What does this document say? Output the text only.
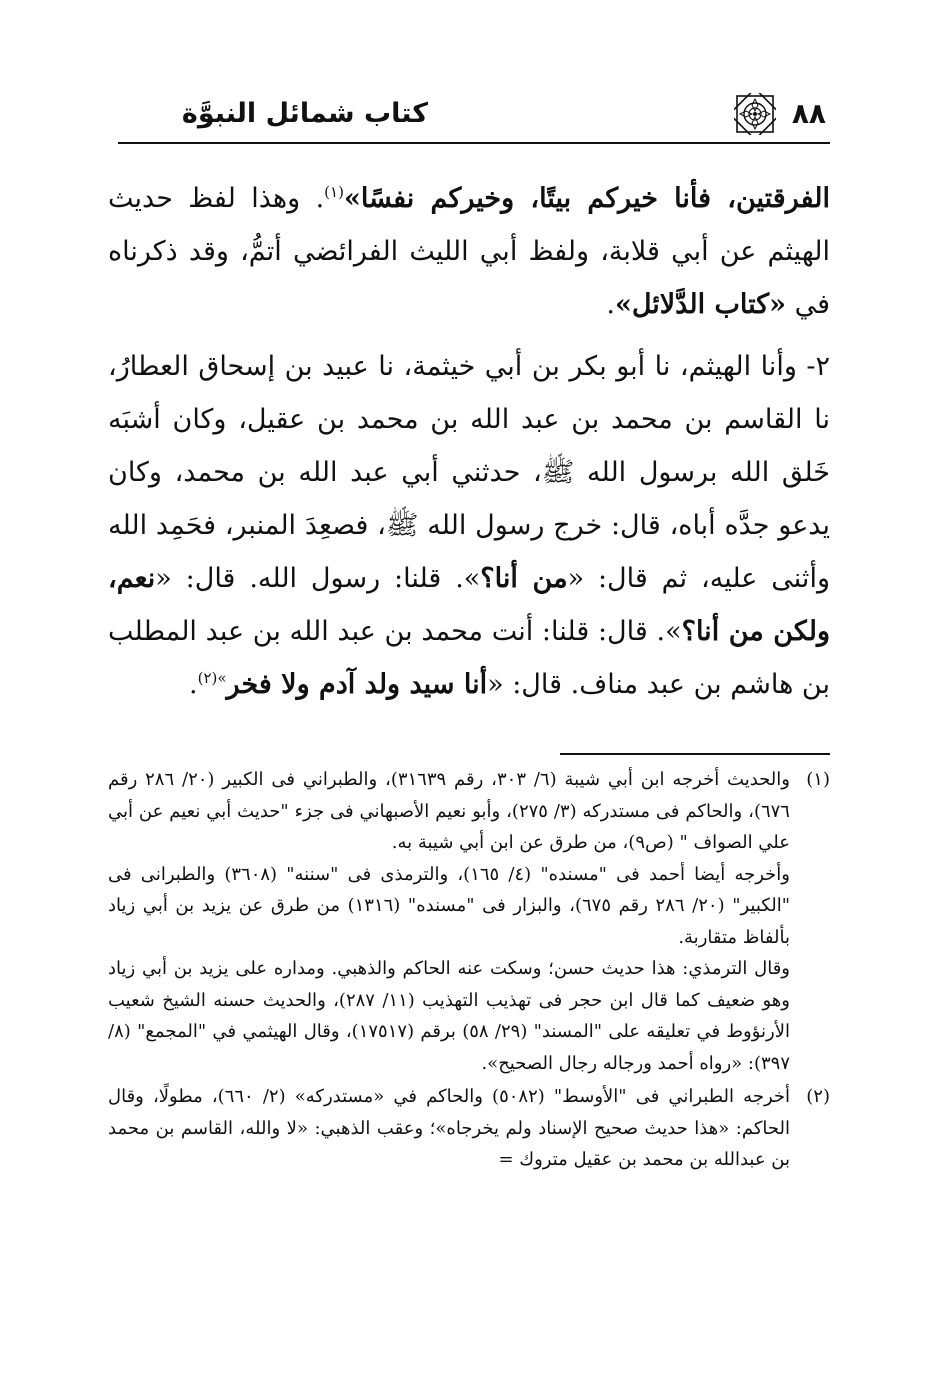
كتاب شمائل النبوَّة	٨٨

الفرقتين، فأنا خيركم بيتًا، وخيركم نفسًا»$^{(١)}$. وهذا لفظ حديث الهيثم عن أبي قلابة، ولفظ أبي الليث الفرائضي أتمُّ، وقد ذكرناه في «كتاب الدَّلائل».

٢- وأنا الهيثم، نا أبو بكر بن أبي خيثمة، نا عبيد بن إسحاق العطارُ، نا القاسم بن محمد بن عبد الله بن محمد بن عقيل، وكان أشبَه خَلق الله برسول الله ﷺ، حدثني أبي عبد الله بن محمد، وكان يدعو جدَّه أباه، قال: خرج رسول الله ﷺ، فصعِدَ المنبر، فحَمِد الله وأثنى عليه، ثم قال: «من أنا؟». قلنا: رسول الله. قال: «نعم، ولكن من أنا؟». قال: قلنا: أنت محمد بن عبد الله بن عبد المطلب بن هاشم بن عبد مناف. قال: «أنا سيد ولد آدم ولا فخر$^{»(٢)}$.

(١)

والحديث أخرجه ابن أبي شيبة (٦/ ٣٠٣، رقم ٣١٦٣٩)، والطبراني فى الكبير (٢٠/ ٢٨٦ رقم ٦٧٦)، والحاكم فى مستدركه (٣/ ٢٧٥)، وأبو نعيم الأصبهاني فى جزء "حديث أبي نعيم عن أبي علي الصواف " (ص٩)، من طرق عن ابن أبي شيبة به.

وأخرجه أيضا أحمد فى "مسنده" (٤/ ١٦٥)، والترمذى فى "سننه" (٣٦٠٨) والطبرانى فى "الكبير" (٢٠/ ٢٨٦ رقم ٦٧٥)، والبزار فى "مسنده" (١٣١٦) من طرق عن يزيد بن أبي زياد بألفاظ متقاربة.

وقال الترمذي: هذا حديث حسن؛ وسكت عنه الحاكم والذهبي. ومداره على يزيد بن أبي زياد وهو ضعيف كما قال ابن حجر فى تهذيب التهذيب (١١/ ٢٨٧)، والحديث حسنه الشيخ شعيب الأرنؤوط في تعليقه على "المسند" (٢٩/ ٥٨) برقم (١٧٥١٧)، وقال الهيثمي في "المجمع" (٨/ ٣٩٧): «رواه أحمد ورجاله رجال الصحيح».

(٢)

أخرجه الطبراني فى "الأوسط" (٥٠٨٢) والحاكم في «مستدركه» (٢/ ٦٦٠)، مطولًا، وقال الحاكم: «هذا حديث صحيح الإسناد ولم يخرجاه»؛ وعقب الذهبي: «لا والله، القاسم بن محمد بن عبدالله بن محمد بن عقيل متروك =
